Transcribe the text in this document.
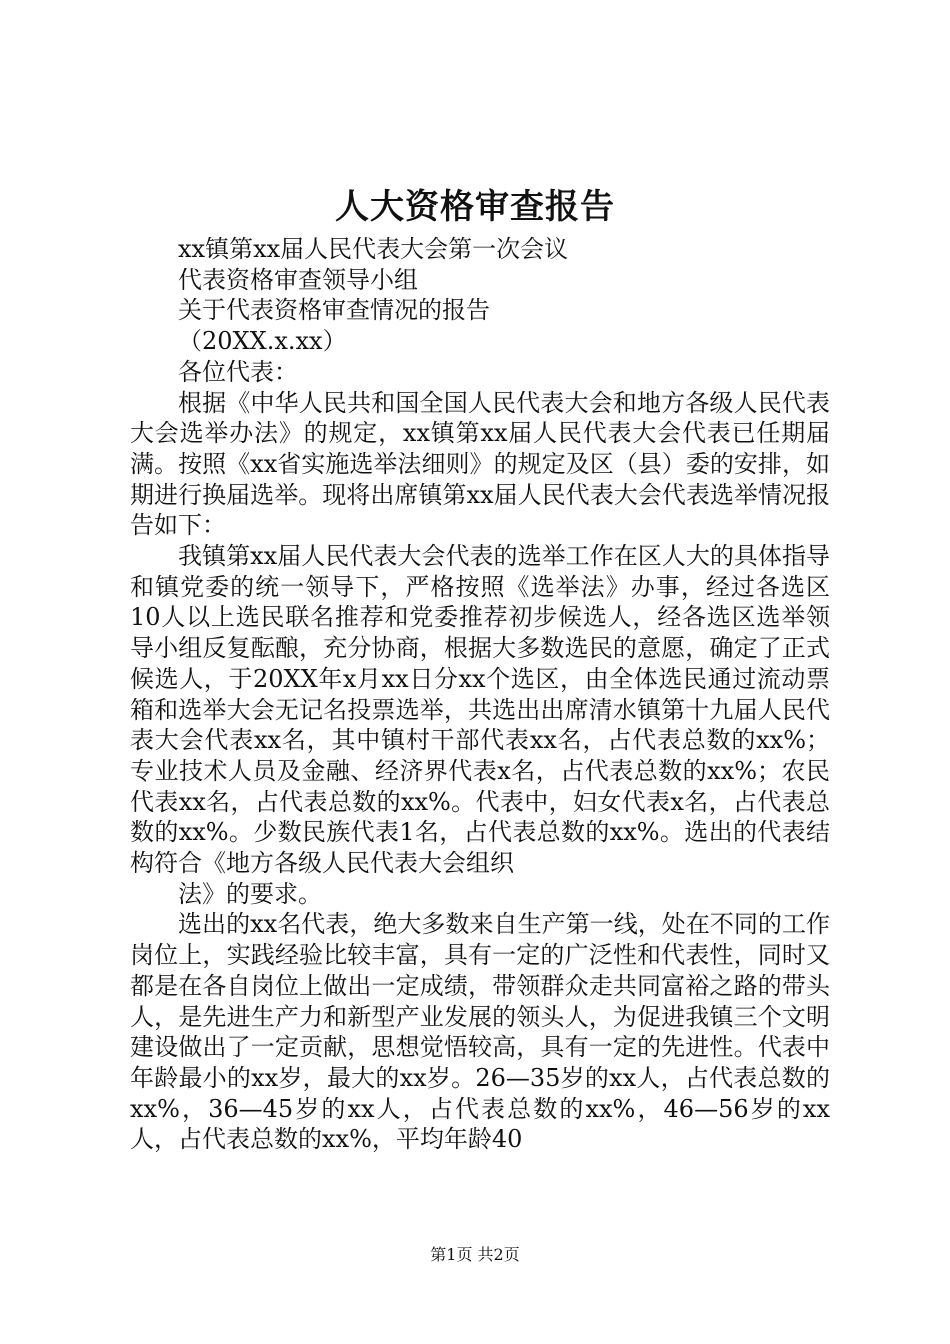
人大资格审查报告

xx镇第xx届人民代表大会第一次会议

代表资格审查领导小组

关于代表资格审查情况的报告

（20XX.x.xx）

各位代表：

根据《中华人民共和国全国人民代表大会和地方各级人民代表大会选举办法》的规定，xx镇第xx届人民代表大会代表已任期届满。按照《xx省实施选举法细则》的规定及区（县）委的安排，如期进行换届选举。现将出席镇第xx届人民代表大会代表选举情况报告如下：

我镇第xx届人民代表大会代表的选举工作在区人大的具体指导和镇党委的统一领导下，严格按照《选举法》办事，经过各选区10人以上选民联名推荐和党委推荐初步候选人，经各选区选举领导小组反复酝酿，充分协商，根据大多数选民的意愿，确定了正式候选人，于20XX年x月xx日分xx个选区，由全体选民通过流动票箱和选举大会无记名投票选举，共选出出席清水镇第十九届人民代表大会代表xx名，其中镇村干部代表xx名，占代表总数的xx%；专业技术人员及金融、经济界代表x名，占代表总数的xx%；农民代表xx名，占代表总数的xx%。代表中，妇女代表x名，占代表总数的xx%。少数民族代表1名，占代表总数的xx%。选出的代表结构符合《地方各级人民代表大会组织

法》的要求。

选出的xx名代表，绝大多数来自生产第一线，处在不同的工作岗位上，实践经验比较丰富，具有一定的广泛性和代表性，同时又都是在各自岗位上做出一定成绩，带领群众走共同富裕之路的带头人，是先进生产力和新型产业发展的领头人，为促进我镇三个文明建设做出了一定贡献，思想觉悟较高，具有一定的先进性。代表中年龄最小的xx岁，最大的xx岁。26—35岁的xx人，占代表总数的xx%，36—45岁的xx人，占代表总数的xx%，46—56岁的xx人，占代表总数的xx%，平均年龄40

第1页 共2页
